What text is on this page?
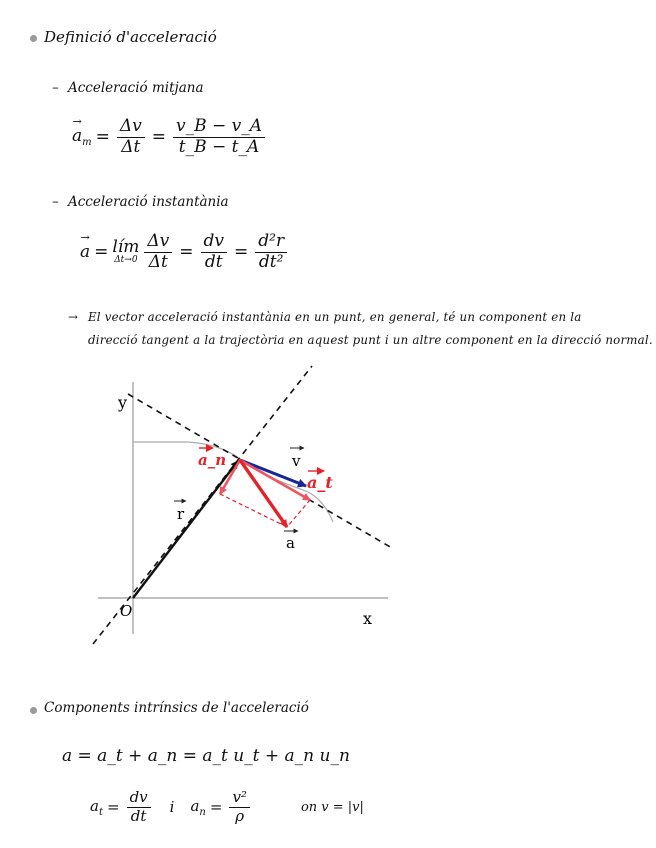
Definició d'acceleració
– Acceleració mitjana
→ $a_m = \frac{\Delta v}{\Delta t} = \frac{v\_B - v\_A}{t\_B - t\_A}$
– Acceleració instantània
→ a = lím
$\Delta t\to 0 \frac{\Delta v}{\Delta t} = \frac{dv}{dt} = \frac{\text{d²r}}{\text{dt²}}$
→ El vector acceleració instantània en un punt, en general, té un component en la
direcció tangent a la trajectòria en aquest punt i un altre component en la direcció normal.
y
x
O
r
v
a_t
a_n
a
Components intrínsics de l'acceleració
a = a_t + a_n = a_t u_t + a_n u_n
$a_t = \frac{dv}{dt}$ i $a_n = \frac{\text{v²}}{\rho}$	on v = |v|
